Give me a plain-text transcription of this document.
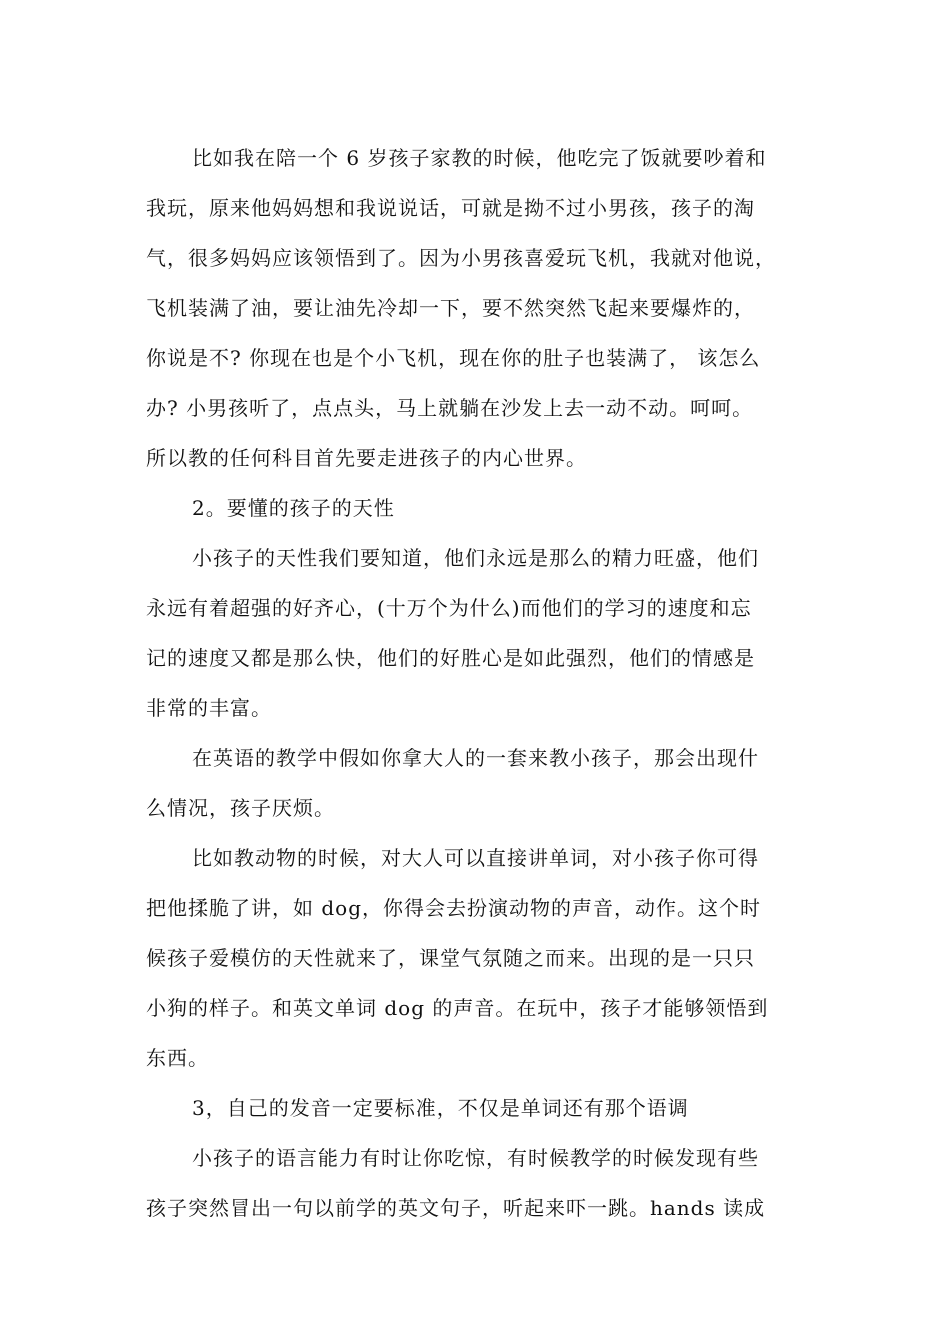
比如我在陪一个 6 岁孩子家教的时候，他吃完了饭就要吵着和
我玩，原来他妈妈想和我说说话，可就是拗不过小男孩，孩子的淘
气，很多妈妈应该领悟到了。因为小男孩喜爱玩飞机，我就对他说，
飞机装满了油，要让油先冷却一下，要不然突然飞起来要爆炸的，
你说是不? 你现在也是个小飞机，现在你的肚子也装满了， 该怎么
办? 小男孩听了，点点头，马上就躺在沙发上去一动不动。呵呵。
所以教的任何科目首先要走进孩子的内心世界。
2。要懂的孩子的天性
小孩子的天性我们要知道，他们永远是那么的精力旺盛，他们
永远有着超强的好齐心，(十万个为什么)而他们的学习的速度和忘
记的速度又都是那么快，他们的好胜心是如此强烈，他们的情感是
非常的丰富。
在英语的教学中假如你拿大人的一套来教小孩子，那会出现什
么情况，孩子厌烦。
比如教动物的时候，对大人可以直接讲单词，对小孩子你可得
把他揉脆了讲，如 dog，你得会去扮演动物的声音，动作。这个时
候孩子爱模仿的天性就来了，课堂气氛随之而来。出现的是一只只
小狗的样子。和英文单词 dog 的声音。在玩中，孩子才能够领悟到
东西。
3，自己的发音一定要标准，不仅是单词还有那个语调
小孩子的语言能力有时让你吃惊，有时候教学的时候发现有些
孩子突然冒出一句以前学的英文句子，听起来吓一跳。hands 读成
